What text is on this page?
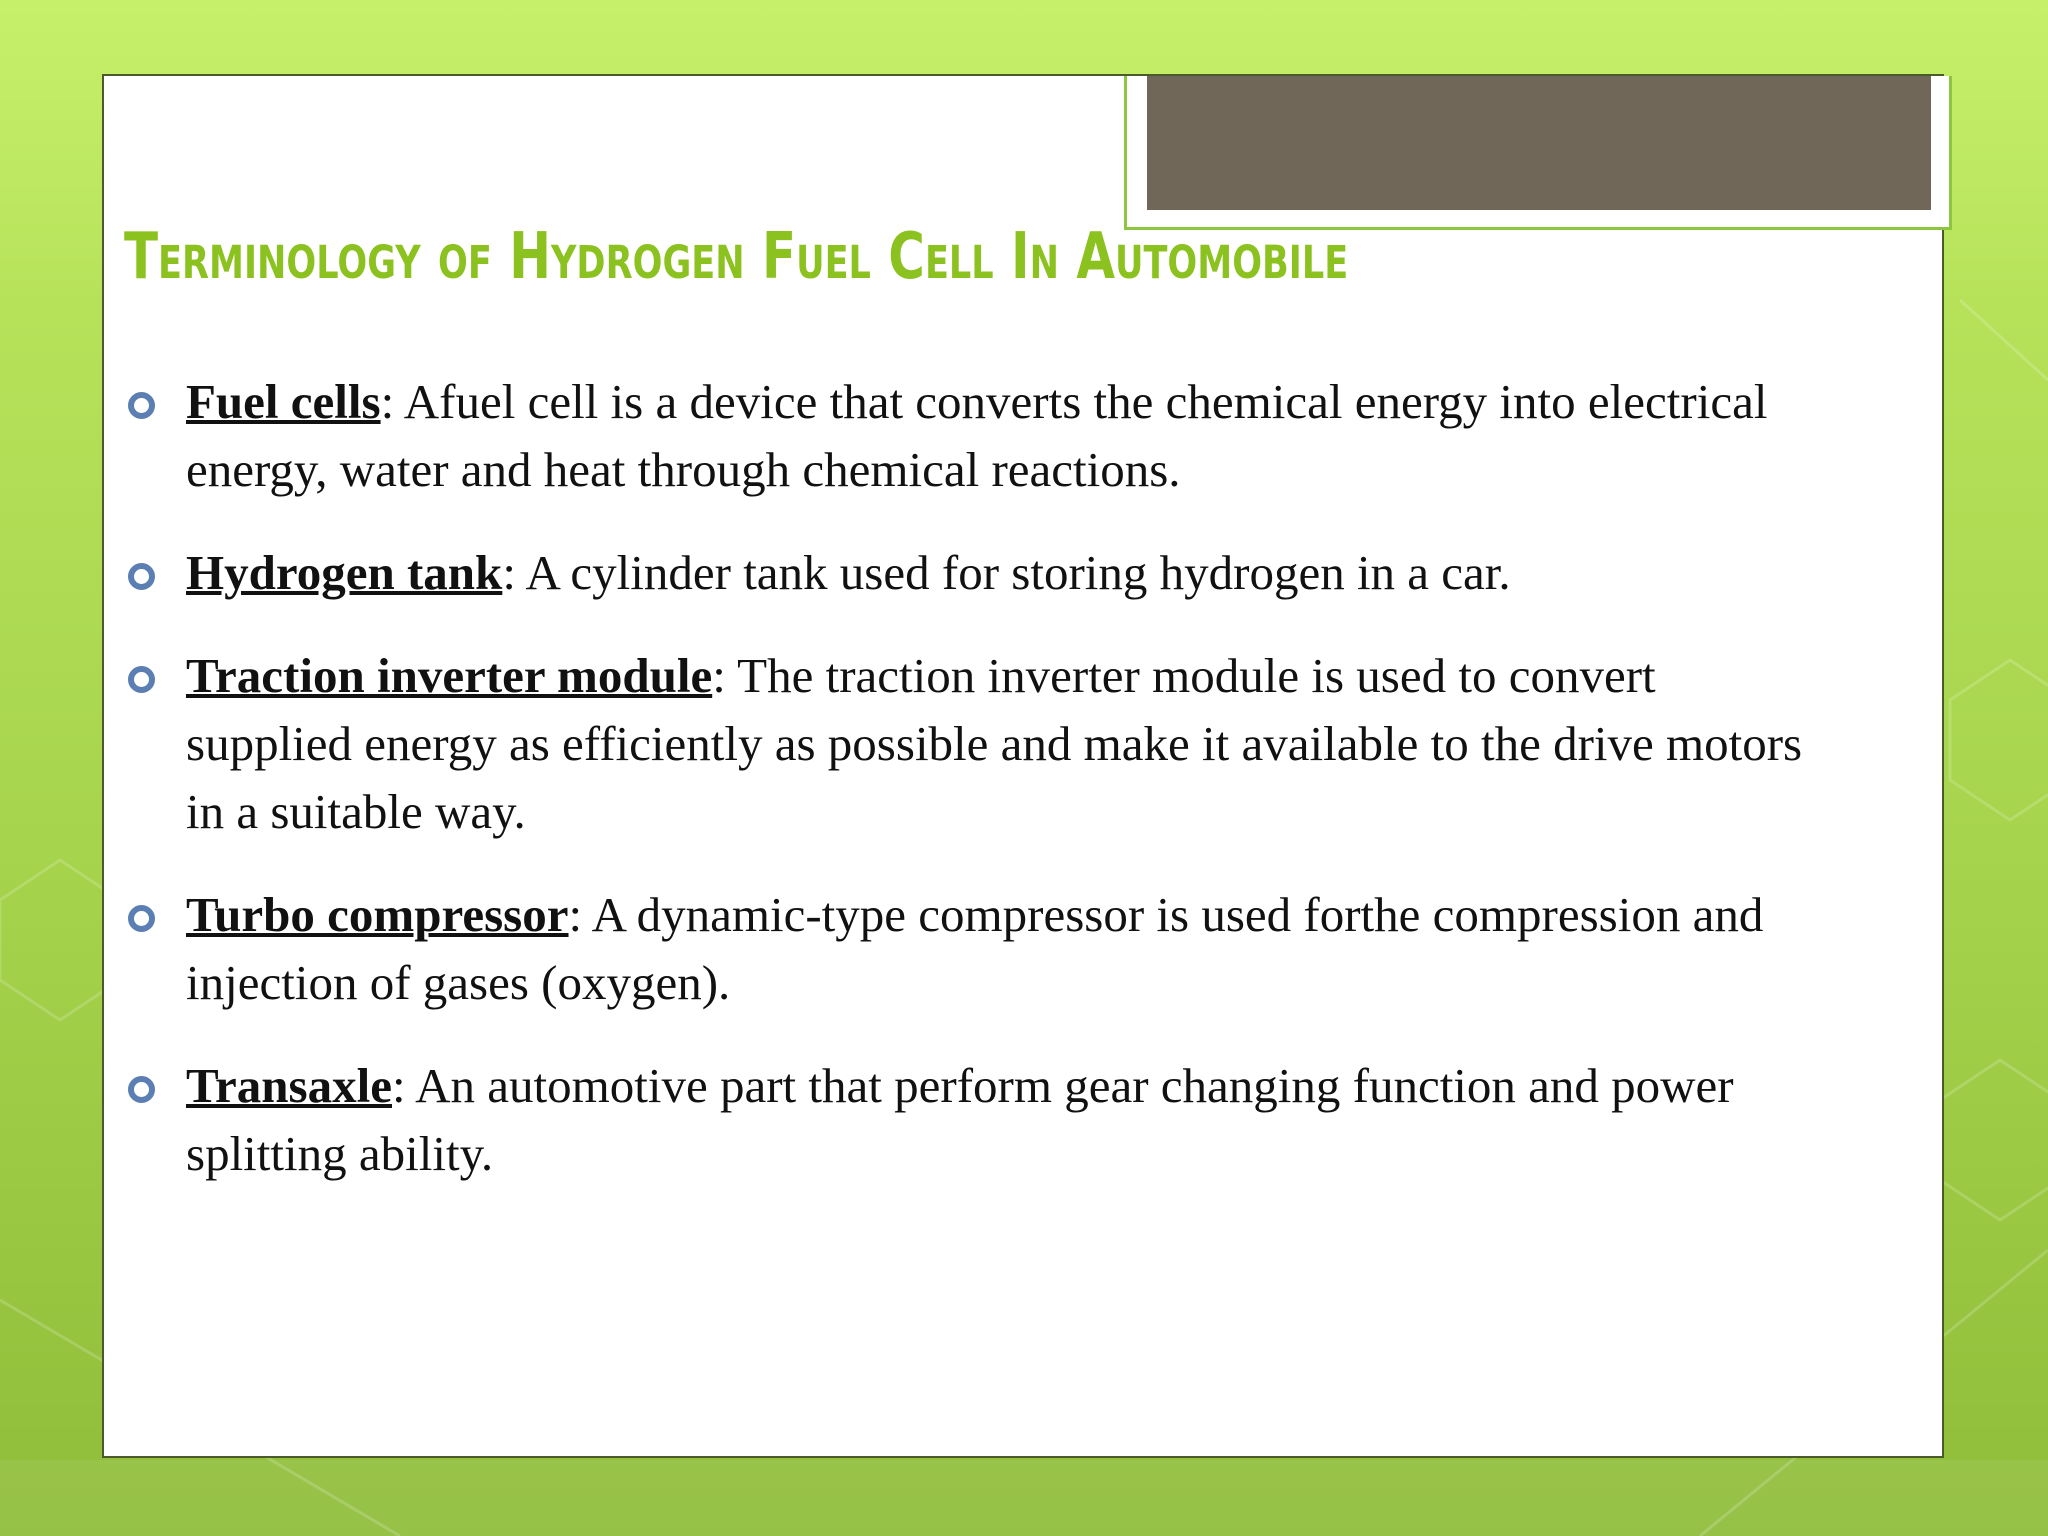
Terminology of Hydrogen Fuel Cell In Automobile
Fuel cells: Afuel cell is a device that converts the chemical energy into electrical energy, water and heat through chemical reactions.
Hydrogen tank: A cylinder tank used for storing hydrogen in a car.
Traction inverter module: The traction inverter module is used to convert supplied energy as efficiently as possible and make it available to the drive motors in a suitable way.
Turbo compressor: A dynamic-type compressor is used forthe compression and injection of gases (oxygen).
Transaxle: An automotive part that perform gear changing function and power splitting ability.
